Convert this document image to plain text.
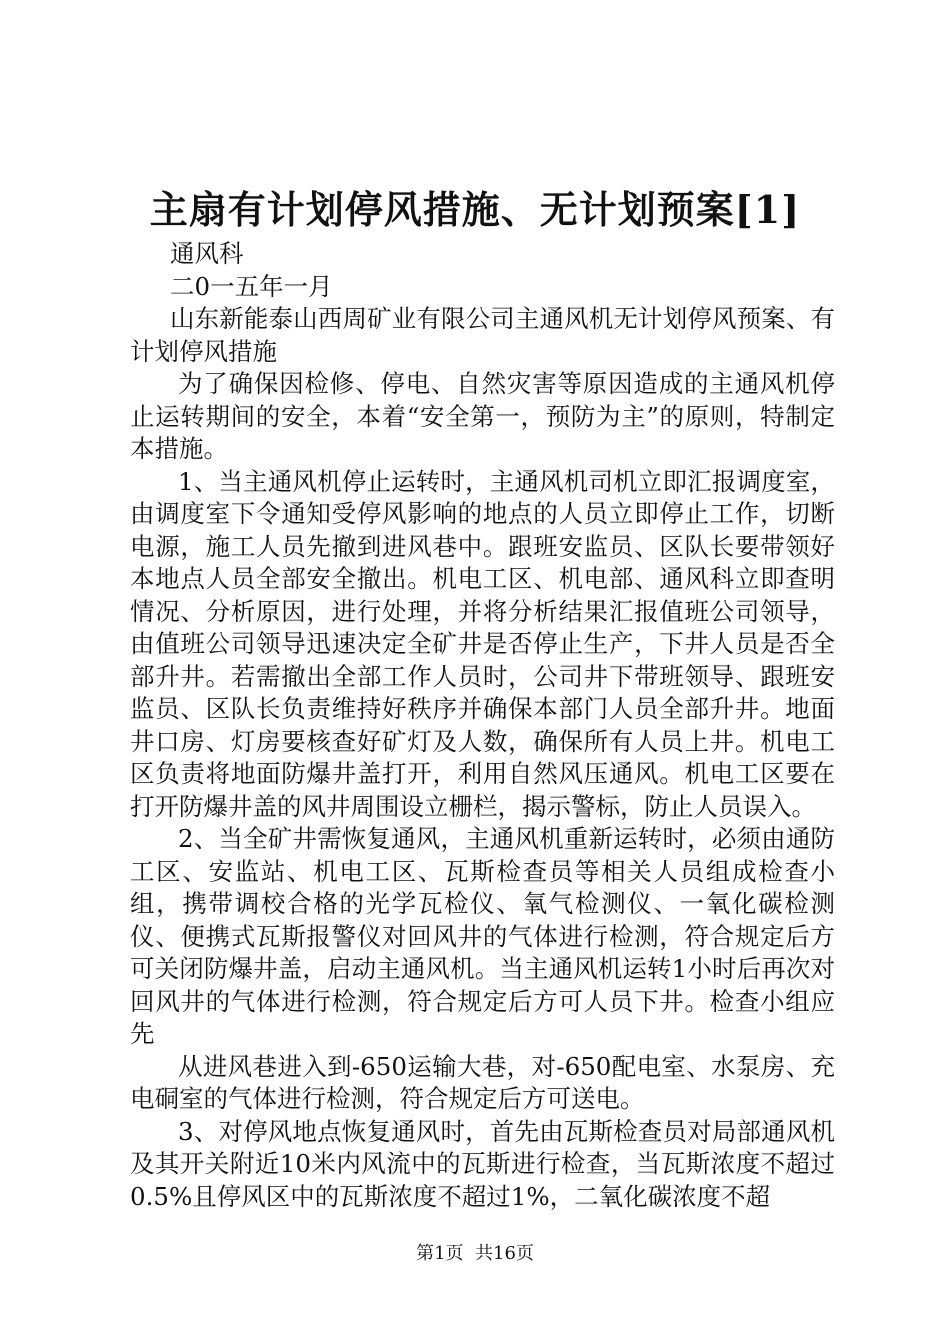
主扇有计划停风措施、无计划预案[1]

通风科

二0一五年一月

山东新能泰山西周矿业有限公司主通风机无计划停风预案、有计划停风措施

为了确保因检修、停电、自然灾害等原因造成的主通风机停止运转期间的安全，本着“安全第一，预防为主”的原则，特制定本措施。

1、当主通风机停止运转时，主通风机司机立即汇报调度室，由调度室下令通知受停风影响的地点的人员立即停止工作，切断电源，施工人员先撤到进风巷中。跟班安监员、区队长要带领好本地点人员全部安全撤出。机电工区、机电部、通风科立即查明情况、分析原因，进行处理，并将分析结果汇报值班公司领导，由值班公司领导迅速决定全矿井是否停止生产，下井人员是否全部升井。若需撤出全部工作人员时，公司井下带班领导、跟班安监员、区队长负责维持好秩序并确保本部门人员全部升井。地面井口房、灯房要核查好矿灯及人数，确保所有人员上井。机电工区负责将地面防爆井盖打开，利用自然风压通风。机电工区要在打开防爆井盖的风井周围设立栅栏，揭示警标，防止人员误入。

2、当全矿井需恢复通风，主通风机重新运转时，必须由通防工区、安监站、机电工区、瓦斯检查员等相关人员组成检查小组，携带调校合格的光学瓦检仪、氧气检测仪、一氧化碳检测仪、便携式瓦斯报警仪对回风井的气体进行检测，符合规定后方可关闭防爆井盖，启动主通风机。当主通风机运转1小时后再次对回风井的气体进行检测，符合规定后方可人员下井。检查小组应先

从进风巷进入到-650运输大巷，对-650配电室、水泵房、充电硐室的气体进行检测，符合规定后方可送电。

3、对停风地点恢复通风时，首先由瓦斯检查员对局部通风机及其开关附近10米内风流中的瓦斯进行检查，当瓦斯浓度不超过0.5%且停风区中的瓦斯浓度不超过1%，二氧化碳浓度不超

第1页  共16页
